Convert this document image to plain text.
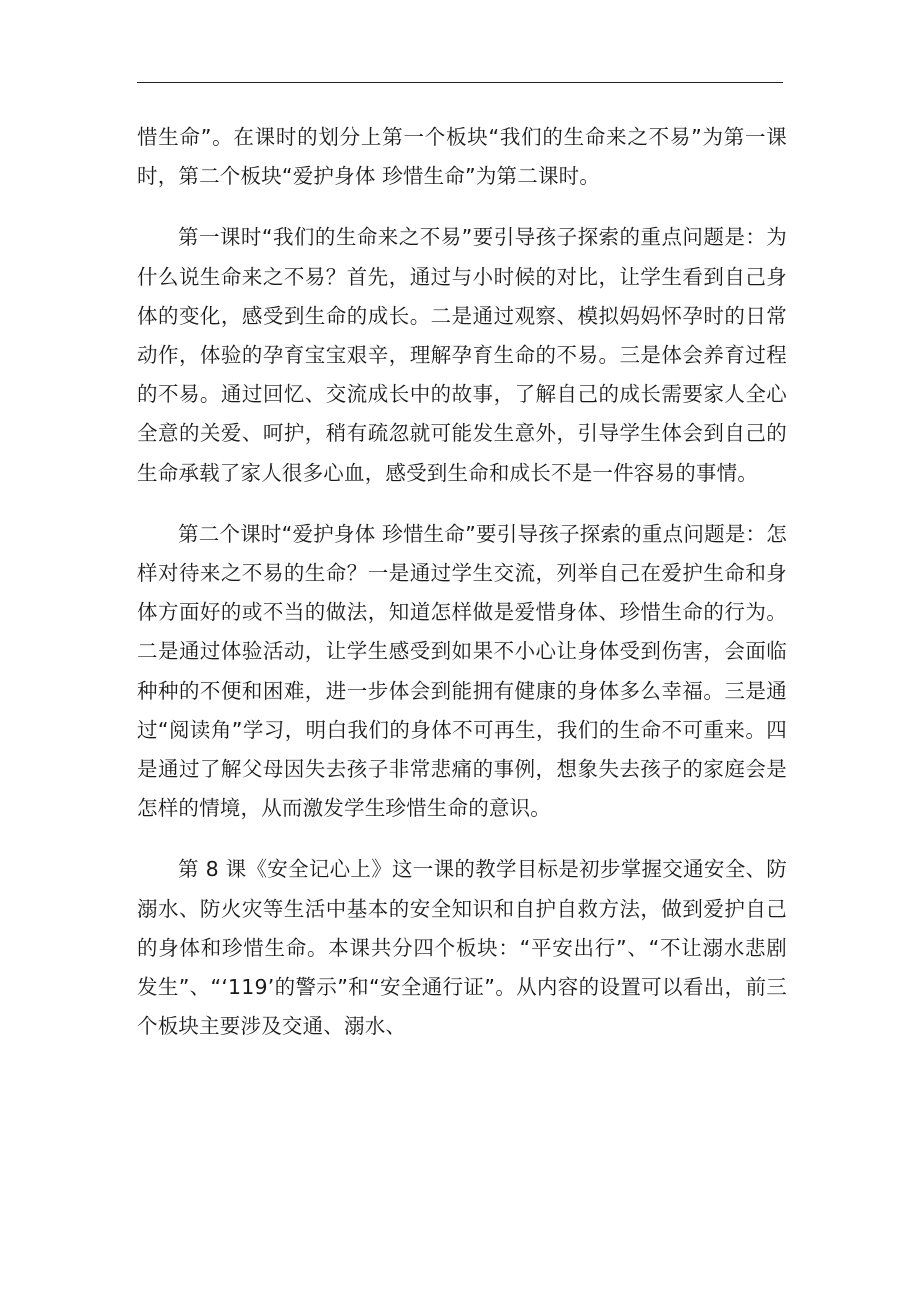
惜生命”。在课时的划分上第一个板块“我们的生命来之不易”为第一课时，第二个板块“爱护身体 珍惜生命”为第二课时。

第一课时“我们的生命来之不易”要引导孩子探索的重点问题是：为什么说生命来之不易？首先，通过与小时候的对比，让学生看到自己身体的变化，感受到生命的成长。二是通过观察、模拟妈妈怀孕时的日常动作，体验的孕育宝宝艰辛，理解孕育生命的不易。三是体会养育过程的不易。通过回忆、交流成长中的故事，了解自己的成长需要家人全心全意的关爱、呵护，稍有疏忽就可能发生意外，引导学生体会到自己的生命承载了家人很多心血，感受到生命和成长不是一件容易的事情。

第二个课时“爱护身体 珍惜生命”要引导孩子探索的重点问题是：怎样对待来之不易的生命？一是通过学生交流，列举自己在爱护生命和身体方面好的或不当的做法，知道怎样做是爱惜身体、珍惜生命的行为。二是通过体验活动，让学生感受到如果不小心让身体受到伤害，会面临种种的不便和困难，进一步体会到能拥有健康的身体多么幸福。三是通过“阅读角”学习，明白我们的身体不可再生，我们的生命不可重来。四是通过了解父母因失去孩子非常悲痛的事例，想象失去孩子的家庭会是怎样的情境，从而激发学生珍惜生命的意识。

第 8 课《安全记心上》这一课的教学目标是初步掌握交通安全、防溺水、防火灾等生活中基本的安全知识和自护自救方法，做到爱护自己的身体和珍惜生命。本课共分四个板块：“平安出行”、“不让溺水悲剧发生”、“‘119’的警示”和“安全通行证”。从内容的设置可以看出，前三个板块主要涉及交通、溺水、
